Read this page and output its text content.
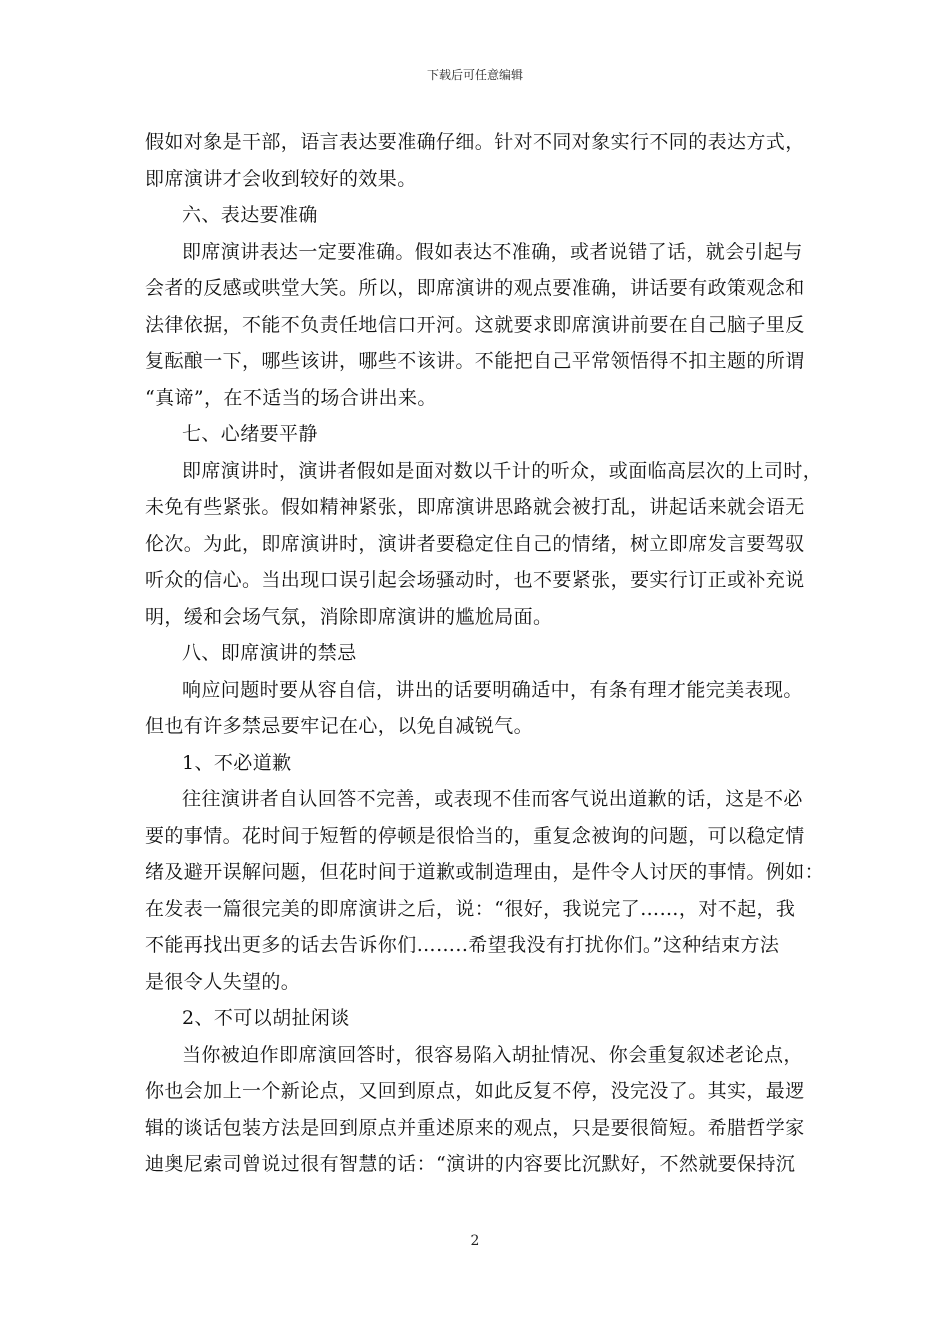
下载后可任意编辑
假如对象是干部，语言表达要准确仔细。针对不同对象实行不同的表达方式，
即席演讲才会收到较好的效果。
六、表达要准确
即席演讲表达一定要准确。假如表达不准确，或者说错了话，就会引起与
会者的反感或哄堂大笑。所以，即席演讲的观点要准确，讲话要有政策观念和
法律依据，不能不负责任地信口开河。这就要求即席演讲前要在自己脑子里反
复酝酿一下，哪些该讲，哪些不该讲。不能把自己平常领悟得不扣主题的所谓
“真谛”，在不适当的场合讲出来。
七、心绪要平静
即席演讲时，演讲者假如是面对数以千计的听众，或面临高层次的上司时，
未免有些紧张。假如精神紧张，即席演讲思路就会被打乱，讲起话来就会语无
伦次。为此，即席演讲时，演讲者要稳定住自己的情绪，树立即席发言要驾驭
听众的信心。当出现口误引起会场骚动时，也不要紧张，要实行订正或补充说
明，缓和会场气氛，消除即席演讲的尴尬局面。
八、即席演讲的禁忌
响应问题时要从容自信，讲出的话要明确适中，有条有理才能完美表现。
但也有许多禁忌要牢记在心，以免自减锐气。
1、不必道歉
往往演讲者自认回答不完善，或表现不佳而客气说出道歉的话，这是不必
要的事情。花时间于短暂的停顿是很恰当的，重复念被询的问题，可以稳定情
绪及避开误解问题，但花时间于道歉或制造理由，是件令人讨厌的事情。例如：
在发表一篇很完美的即席演讲之后，说：“很好，我说完了……，对不起，我
不能再找出更多的话去告诉你们……..希望我没有打扰你们。”这种结束方法
是很令人失望的。
2、不可以胡扯闲谈
当你被迫作即席演回答时，很容易陷入胡扯情况、你会重复叙述老论点，
你也会加上一个新论点，又回到原点，如此反复不停，没完没了。其实，最逻
辑的谈话包装方法是回到原点并重述原来的观点，只是要很简短。希腊哲学家
迪奥尼索司曾说过很有智慧的话：“演讲的内容要比沉默好，不然就要保持沉
2
